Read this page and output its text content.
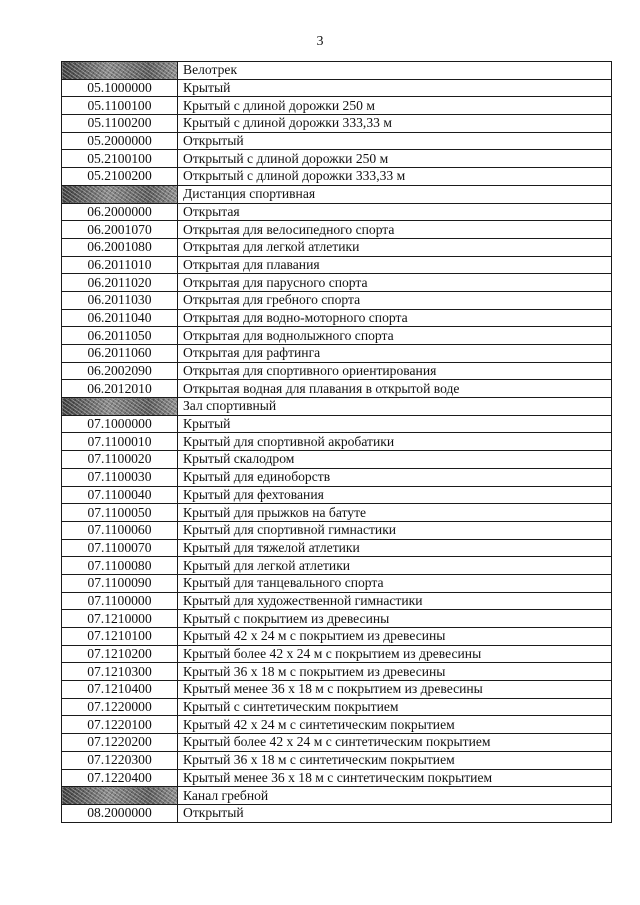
3
	Велотрек
05.1000000	Крытый
05.1100100	Крытый с длиной дорожки 250 м
05.1100200	Крытый с длиной дорожки 333,33 м
05.2000000	Открытый
05.2100100	Открытый с длиной дорожки 250 м
05.2100200	Открытый с длиной дорожки 333,33 м
	Дистанция спортивная
06.2000000	Открытая
06.2001070	Открытая для велосипедного спорта
06.2001080	Открытая для легкой атлетики
06.2011010	Открытая для плавания
06.2011020	Открытая для парусного спорта
06.2011030	Открытая для гребного спорта
06.2011040	Открытая для водно-моторного спорта
06.2011050	Открытая для воднолыжного спорта
06.2011060	Открытая для рафтинга
06.2002090	Открытая для спортивного ориентирования
06.2012010	Открытая водная для плавания в открытой воде
	Зал спортивный
07.1000000	Крытый
07.1100010	Крытый для спортивной акробатики
07.1100020	Крытый скалодром
07.1100030	Крытый для единоборств
07.1100040	Крытый для фехтования
07.1100050	Крытый для прыжков на батуте
07.1100060	Крытый для спортивной гимнастики
07.1100070	Крытый для тяжелой атлетики
07.1100080	Крытый для легкой атлетики
07.1100090	Крытый для танцевального спорта
07.1100000	Крытый для художественной гимнастики
07.1210000	Крытый с покрытием из древесины
07.1210100	Крытый 42 х 24 м с покрытием из древесины
07.1210200	Крытый более 42 х 24 м с покрытием из древесины
07.1210300	Крытый 36 х 18 м с покрытием из древесины
07.1210400	Крытый менее 36 х 18 м с покрытием из древесины
07.1220000	Крытый с синтетическим покрытием
07.1220100	Крытый 42 х 24 м с синтетическим покрытием
07.1220200	Крытый более 42 х 24 м с синтетическим покрытием
07.1220300	Крытый 36 х 18 м с синтетическим покрытием
07.1220400	Крытый менее 36 х 18 м с синтетическим покрытием
	Канал гребной
08.2000000	Открытый
